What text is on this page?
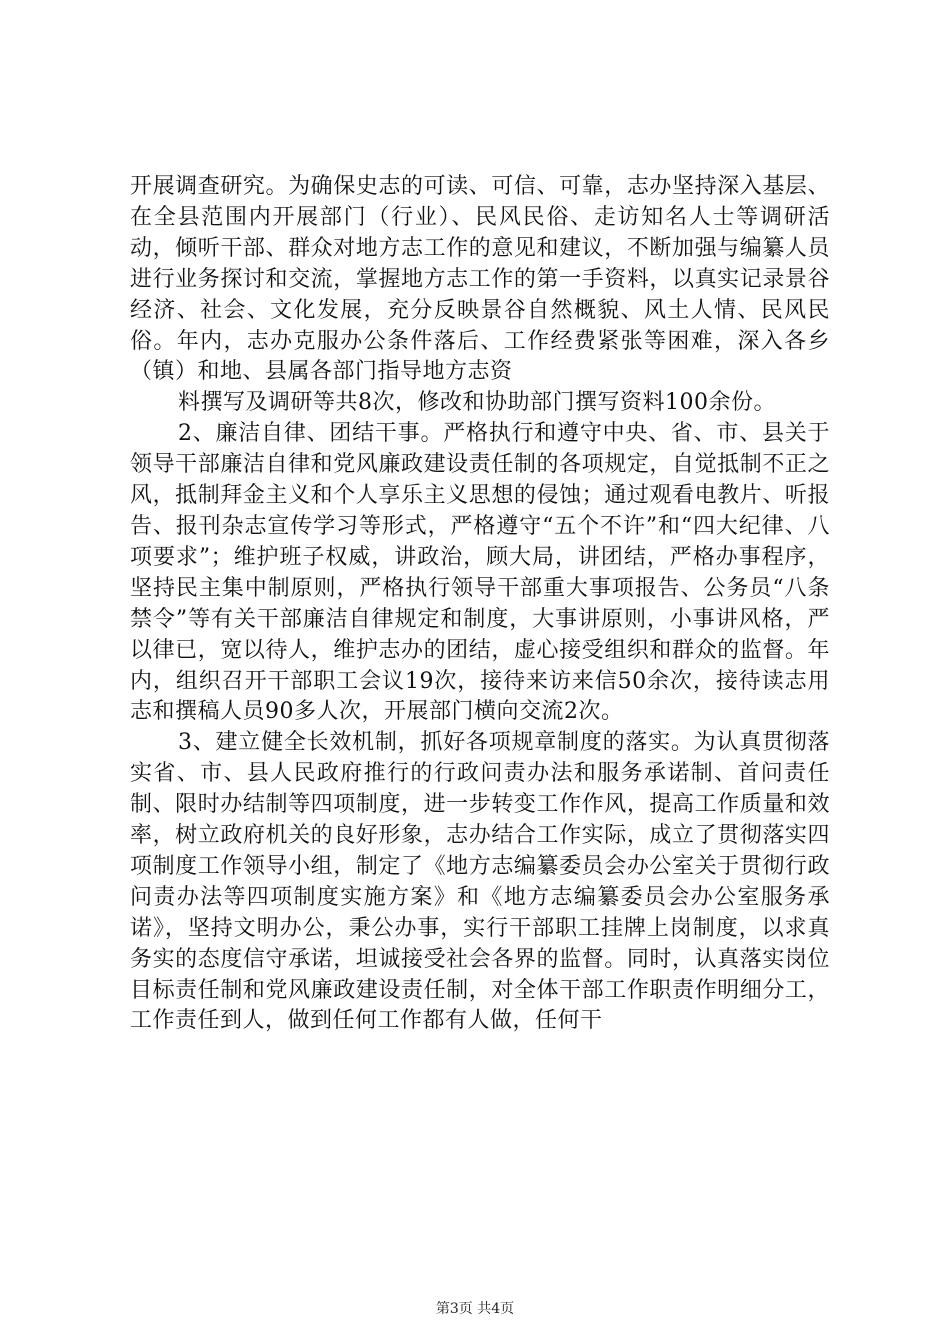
开展调查研究。为确保史志的可读、可信、可靠，志办坚持深入基层、在全县范围内开展部门（行业）、民风民俗、走访知名人士等调研活动，倾听干部、群众对地方志工作的意见和建议，不断加强与编纂人员进行业务探讨和交流，掌握地方志工作的第一手资料，以真实记录景谷经济、社会、文化发展，充分反映景谷自然概貌、风土人情、民风民俗。年内，志办克服办公条件落后、工作经费紧张等困难，深入各乡（镇）和地、县属各部门指导地方志资

料撰写及调研等共8次，修改和协助部门撰写资料100余份。

2、廉洁自律、团结干事。严格执行和遵守中央、省、市、县关于领导干部廉洁自律和党风廉政建设责任制的各项规定，自觉抵制不正之风，抵制拜金主义和个人享乐主义思想的侵蚀；通过观看电教片、听报告、报刊杂志宣传学习等形式，严格遵守“五个不许”和“四大纪律、八项要求”；维护班子权威，讲政治，顾大局，讲团结，严格办事程序，坚持民主集中制原则，严格执行领导干部重大事项报告、公务员“八条禁令”等有关干部廉洁自律规定和制度，大事讲原则，小事讲风格，严以律已，宽以待人，维护志办的团结，虚心接受组织和群众的监督。年内，组织召开干部职工会议19次，接待来访来信50余次，接待读志用志和撰稿人员90多人次，开展部门横向交流2次。

3、建立健全长效机制，抓好各项规章制度的落实。为认真贯彻落实省、市、县人民政府推行的行政问责办法和服务承诺制、首问责任制、限时办结制等四项制度，进一步转变工作作风，提高工作质量和效率，树立政府机关的良好形象，志办结合工作实际，成立了贯彻落实四项制度工作领导小组，制定了《地方志编纂委员会办公室关于贯彻行政问责办法等四项制度实施方案》和《地方志编纂委员会办公室服务承诺》，坚持文明办公，秉公办事，实行干部职工挂牌上岗制度，以求真务实的态度信守承诺，坦诚接受社会各界的监督。同时，认真落实岗位目标责任制和党风廉政建设责任制，对全体干部工作职责作明细分工，工作责任到人，做到任何工作都有人做，任何干

第3页 共4页
